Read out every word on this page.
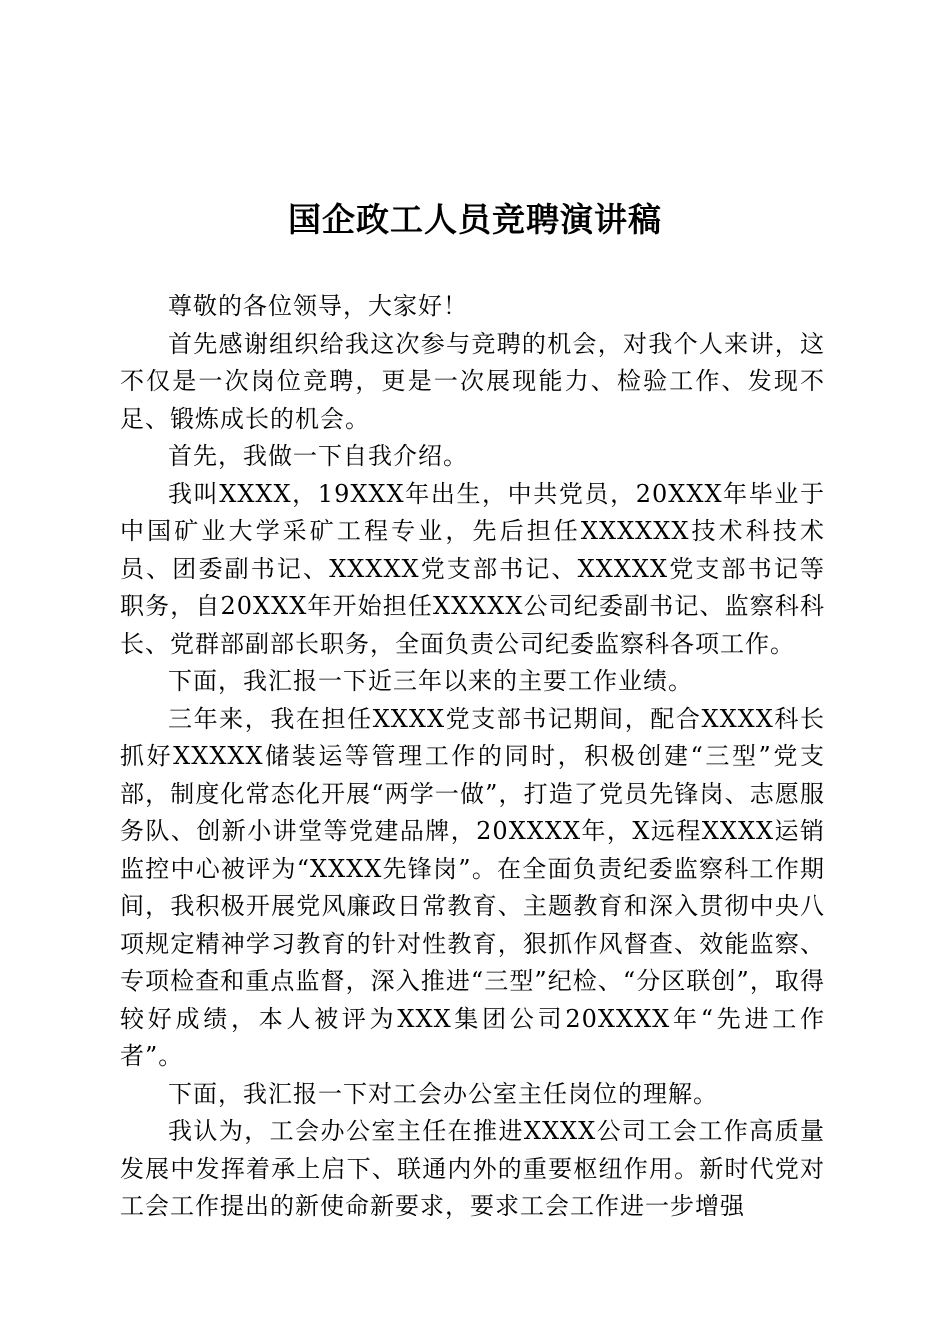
国企政工人员竞聘演讲稿

尊敬的各位领导，大家好！

首先感谢组织给我这次参与竞聘的机会，对我个人来讲，这不仅是一次岗位竞聘，更是一次展现能力、检验工作、发现不足、锻炼成长的机会。

首先，我做一下自我介绍。

我叫XXXX，19XXX年出生，中共党员，20XXX年毕业于中国矿业大学采矿工程专业，先后担任XXXXXX技术科技术员、团委副书记、XXXXX党支部书记、XXXXX党支部书记等职务，自20XXX年开始担任XXXXX公司纪委副书记、监察科科长、党群部副部长职务，全面负责公司纪委监察科各项工作。

下面，我汇报一下近三年以来的主要工作业绩。

三年来，我在担任XXXX党支部书记期间，配合XXXX科长抓好XXXXX储装运等管理工作的同时，积极创建“三型”党支部，制度化常态化开展“两学一做”，打造了党员先锋岗、志愿服务队、创新小讲堂等党建品牌，20XXXX年，X远程XXXX运销监控中心被评为“XXXX先锋岗”。在全面负责纪委监察科工作期间，我积极开展党风廉政日常教育、主题教育和深入贯彻中央八项规定精神学习教育的针对性教育，狠抓作风督查、效能监察、专项检查和重点监督，深入推进“三型”纪检、“分区联创”，取得较好成绩，本人被评为XXX集团公司20XXXX年“先进工作者”。

下面，我汇报一下对工会办公室主任岗位的理解。

我认为，工会办公室主任在推进XXXX公司工会工作高质量发展中发挥着承上启下、联通内外的重要枢纽作用。新时代党对工会工作提出的新使命新要求，要求工会工作进一步增强
